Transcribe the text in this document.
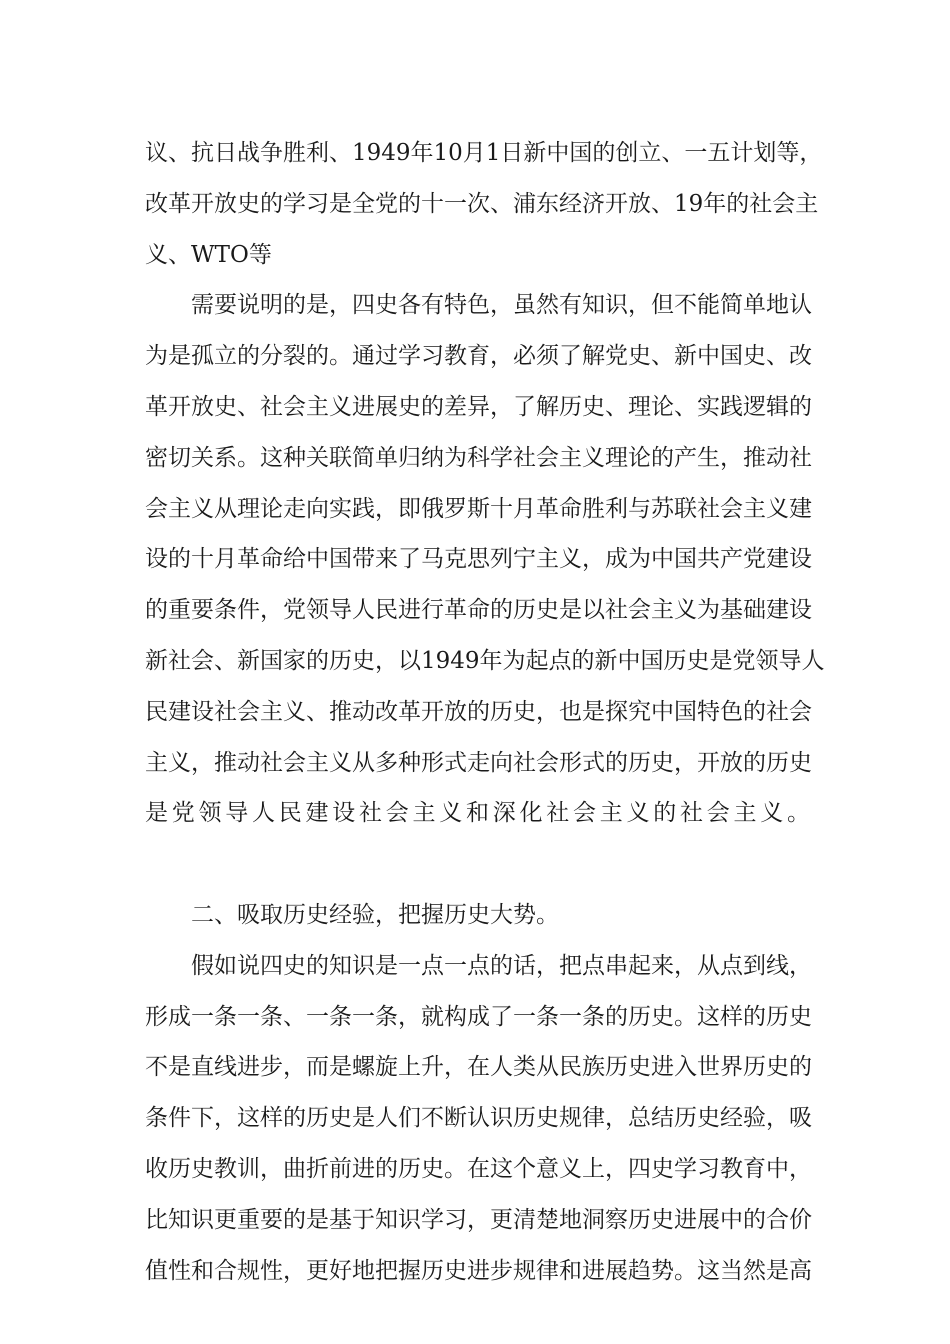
议、抗日战争胜利、1949年10月1日新中国的创立、一五计划等，
改革开放史的学习是全党的十一次、浦东经济开放、19年的社会主
义、WTO等
需要说明的是，四史各有特色，虽然有知识，但不能简单地认
为是孤立的分裂的。通过学习教育，必须了解党史、新中国史、改
革开放史、社会主义进展史的差异，了解历史、理论、实践逻辑的
密切关系。这种关联简单归纳为科学社会主义理论的产生，推动社
会主义从理论走向实践，即俄罗斯十月革命胜利与苏联社会主义建
设的十月革命给中国带来了马克思列宁主义，成为中国共产党建设
的重要条件，党领导人民进行革命的历史是以社会主义为基础建设
新社会、新国家的历史，以1949年为起点的新中国历史是党领导人
民建设社会主义、推动改革开放的历史，也是探究中国特色的社会
主义，推动社会主义从多种形式走向社会形式的历史，开放的历史
是党领导人民建设社会主义和深化社会主义的社会主义。
二、吸取历史经验，把握历史大势。
假如说四史的知识是一点一点的话，把点串起来，从点到线，
形成一条一条、一条一条，就构成了一条一条的历史。这样的历史
不是直线进步，而是螺旋上升，在人类从民族历史进入世界历史的
条件下，这样的历史是人们不断认识历史规律，总结历史经验，吸
收历史教训，曲折前进的历史。在这个意义上，四史学习教育中，
比知识更重要的是基于知识学习，更清楚地洞察历史进展中的合价
值性和合规性，更好地把握历史进步规律和进展趋势。这当然是高
